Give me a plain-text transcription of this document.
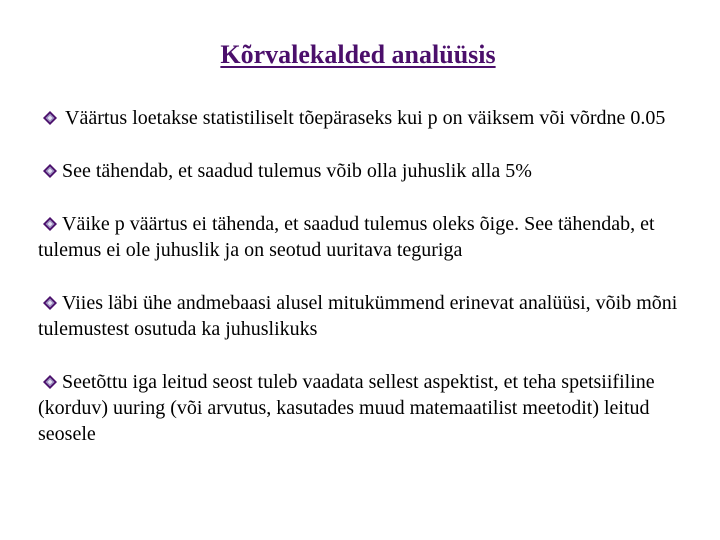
Kõrvalekalded analüüsis
Väärtus loetakse statistiliselt tõepäraseks kui p on väiksem või võrdne 0.05
See tähendab, et saadud tulemus võib olla juhuslik alla 5%
Väike p väärtus ei tähenda, et saadud tulemus oleks õige. See tähendab, et tulemus ei ole juhuslik ja on seotud uuritava teguriga
Viies läbi ühe andmebaasi alusel mitukümmend erinevat analüüsi, võib mõni tulemustest osutuda ka juhuslikuks
Seetõttu iga leitud seost tuleb vaadata sellest aspektist, et teha spetsiifiline (korduv) uuring (või arvutus, kasutades muud matemaatilist meetodit) leitud seosele
